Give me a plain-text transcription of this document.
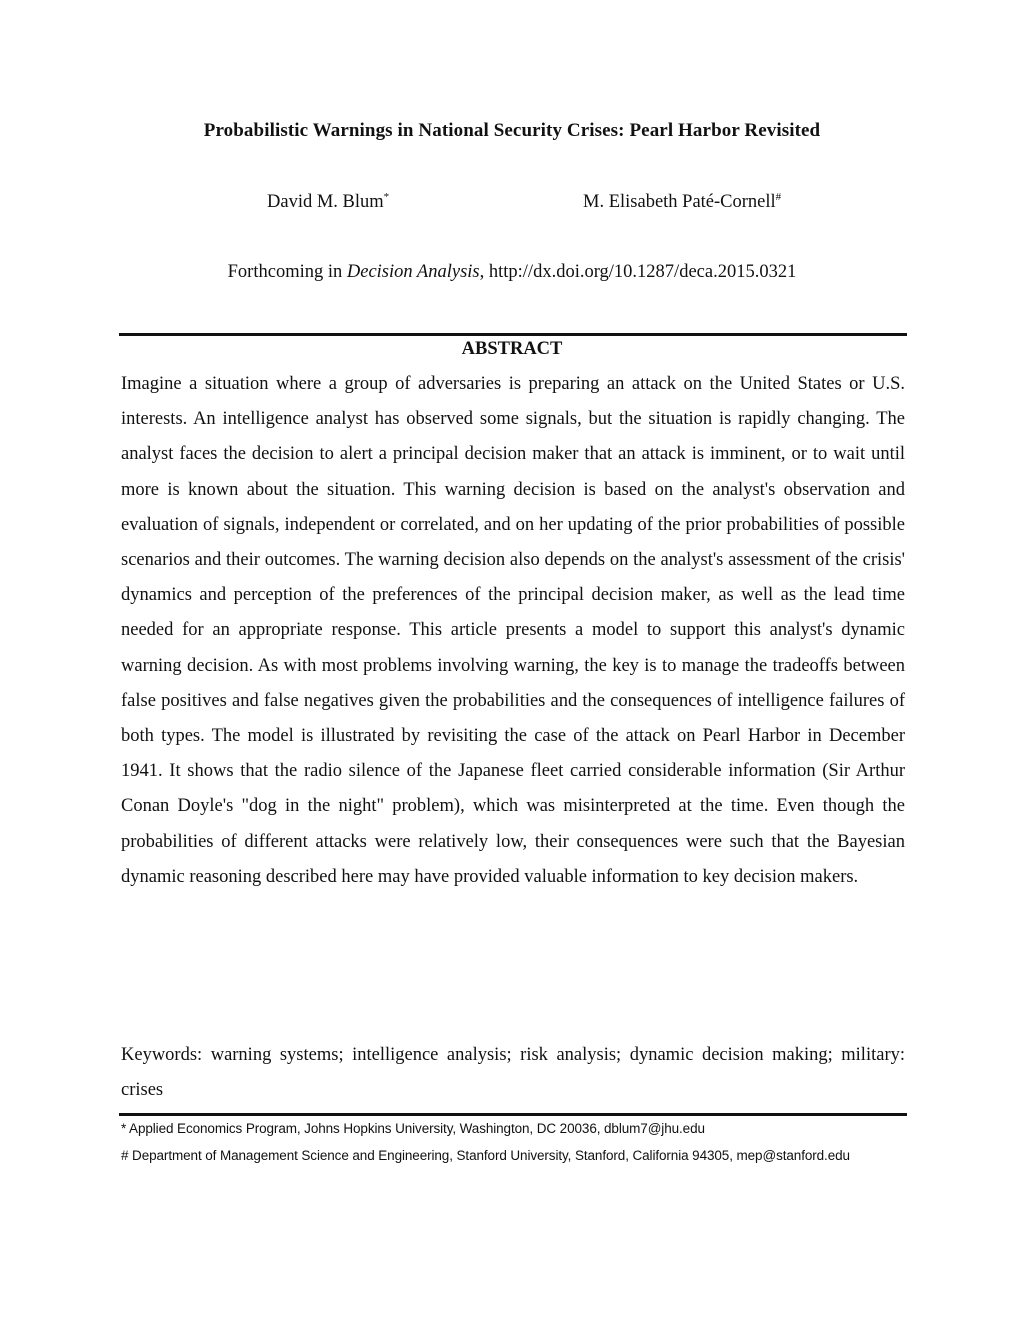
Probabilistic Warnings in National Security Crises: Pearl Harbor Revisited
David M. Blum*	M. Elisabeth Paté-Cornell#
Forthcoming in Decision Analysis, http://dx.doi.org/10.1287/deca.2015.0321
ABSTRACT

Imagine a situation where a group of adversaries is preparing an attack on the United States or U.S. interests. An intelligence analyst has observed some signals, but the situation is rapidly changing. The analyst faces the decision to alert a principal decision maker that an attack is imminent, or to wait until more is known about the situation. This warning decision is based on the analyst's observation and evaluation of signals, independent or correlated, and on her updating of the prior probabilities of possible scenarios and their outcomes. The warning decision also depends on the analyst's assessment of the crisis' dynamics and perception of the preferences of the principal decision maker, as well as the lead time needed for an appropriate response. This article presents a model to support this analyst's dynamic warning decision. As with most problems involving warning, the key is to manage the tradeoffs between false positives and false negatives given the probabilities and the consequences of intelligence failures of both types. The model is illustrated by revisiting the case of the attack on Pearl Harbor in December 1941. It shows that the radio silence of the Japanese fleet carried considerable information (Sir Arthur Conan Doyle's "dog in the night" problem), which was misinterpreted at the time. Even though the probabilities of different attacks were relatively low, their consequences were such that the Bayesian dynamic reasoning described here may have provided valuable information to key decision makers.

Keywords: warning systems; intelligence analysis; risk analysis; dynamic decision making; military: crises

* Applied Economics Program, Johns Hopkins University, Washington, DC 20036, dblum7@jhu.edu
# Department of Management Science and Engineering, Stanford University, Stanford, California 94305, mep@stanford.edu
